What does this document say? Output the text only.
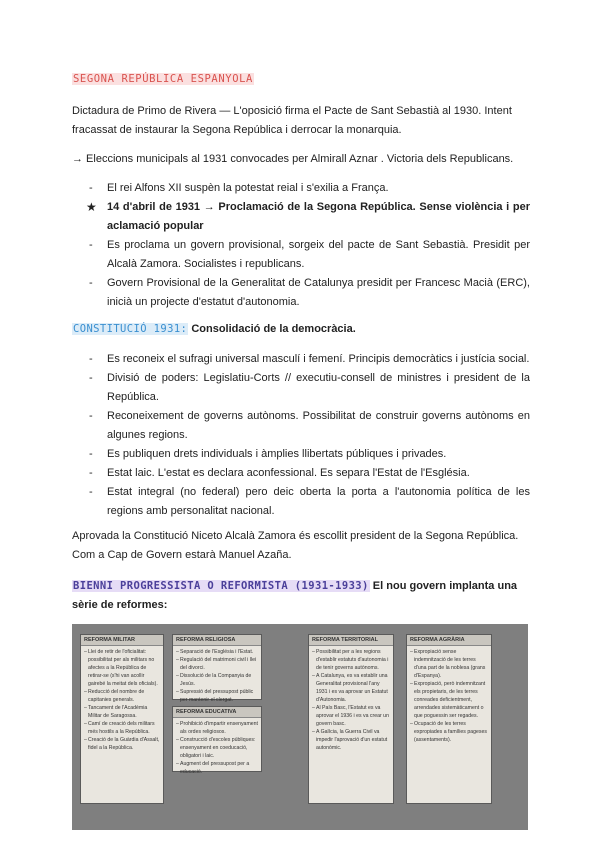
SEGONA REPÚBLICA ESPANYOLA

Dictadura de Primo de Rivera — L'oposició firma el Pacte de Sant Sebastià al 1930. Intent fracassat de instaurar la Segona República i derrocar la monarquia.

→ Eleccions municipals al 1931 convocades per Almirall Aznar . Victoria dels Republicans.

- El rei Alfons XII suspèn la potestat reial i s'exilia a França.
★ 14 d'abril de 1931 → Proclamació de la Segona República. Sense violència i per aclamació popular
- Es proclama un govern provisional, sorgeix del pacte de Sant Sebastià. Presidit per Alcalà Zamora. Socialistes i republicans.
- Govern Provisional de la Generalitat de Catalunya presidit per Francesc Macià (ERC), inicià un projecte d'estatut d'autonomia.
CONSTITUCIÓ 1931: Consolidació de la democràcia.
- Es reconeix el sufragi universal masculí i femení. Principis democràtics i justícia social.
- Divisió de poders: Legislatiu-Corts // executiu-consell de ministres i president de la República.
- Reconeixement de governs autònoms. Possibilitat de construir governs autònoms en algunes regions.
- Es publiquen drets individuals i àmplies llibertats públiques i privades.
- Estat laic. L'estat es declara aconfessional. Es separa l'Estat de l'Església.
- Estat integral (no federal) pero deic oberta la porta a l'autonomia política de les regions amb personalitat nacional.

Aprovada la Constitució Niceto Alcalà Zamora és escollit president de la Segona República. Com a Cap de Govern estarà Manuel Azaña.

BIENNI PROGRESSISTA O REFORMISTA (1931-1933) El nou govern implanta una sèrie de reformes:
REFORMA MILITAR
– Llei de retir de l'oficialitat: possibilitat per als militars no afectes a la República de retirar-se (s'hi van acollir gairebé la meitat dels oficials).
– Reducció del nombre de capitanies generals.
– Tancament de l'Acadèmia Militar de Saragossa.
– Camí de creació dels militars més hostils a la República.
– Creació de la Guàrdia d'Assalt, fidel a la República.
REFORMA RELIGIOSA
– Separació de l'Església i l'Estat.
– Regulació del matrimoni civil i llei del divorci.
– Dissolució de la Companyia de Jesús.
– Supressió del pressupost públic per mantenir el clergat.
REFORMA EDUCATIVA
– Prohibició d'impartir ensenyament als ordes religiosos.
– Construcció d'escoles públiques: ensenyament en coeducació, obligatori i laic.
– Augment del pressupost per a educació.
REFORMA TERRITORIAL
– Possibilitat per a les regions d'establir estatuts d'autonomia i de tenir governs autònoms.
– A Catalunya, es va establir una Generalitat provisional l'any 1931 i es va aprovar un Estatut d'Autonomia.
– Al País Basc, l'Estatut es va aprovar el 1936 i es va crear un govern basc.
– A Galícia, la Guerra Civil va impedir l'aprovació d'un estatut autonòmic.
REFORMA AGRÀRIA
– Expropiació sense indemnització de les terres d'una part de la noblesa (grans d'Espanya).
– Expropiació, però indemnitzant els propietaris, de les terres conreades deficientment, arrendades sistemàticament o que poguessin ser regades.
– Ocupació de les terres expropiades a famílies pageses (assentaments).
